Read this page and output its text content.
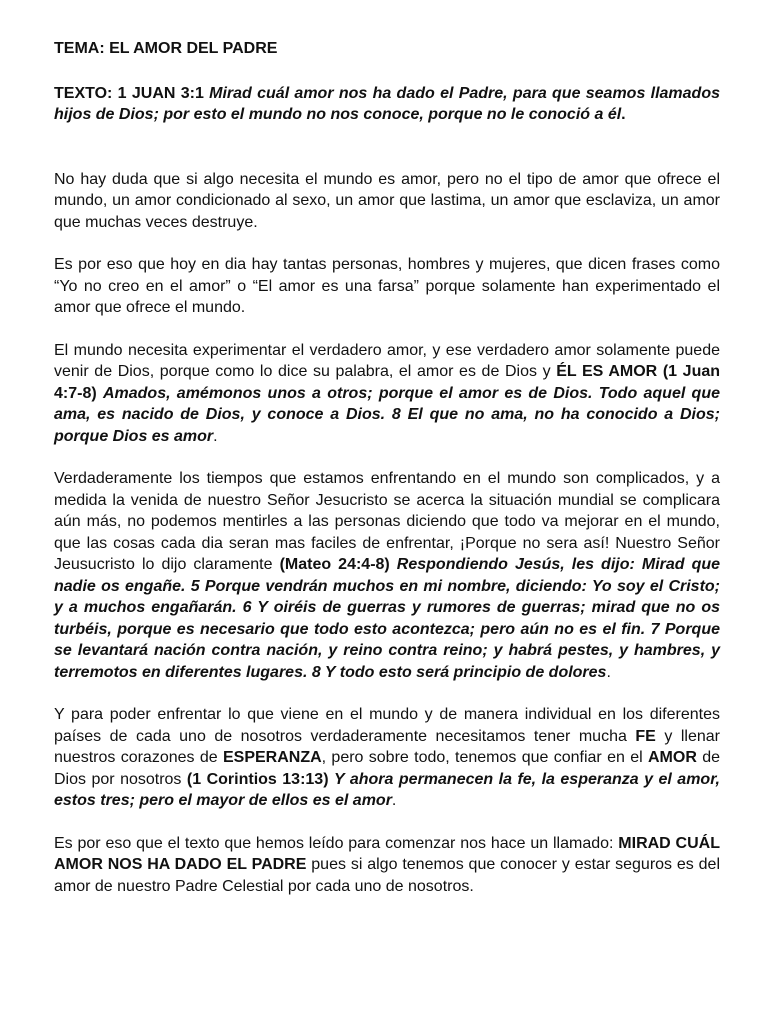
TEMA: EL AMOR DEL PADRE

TEXTO: 1 JUAN 3:1 Mirad cuál amor nos ha dado el Padre, para que seamos llamados hijos de Dios; por esto el mundo no nos conoce, porque no le conoció a él.

No hay duda que si algo necesita el mundo es amor, pero no el tipo de amor que ofrece el mundo, un amor condicionado al sexo, un amor que lastima, un amor que esclaviza, un amor que muchas veces destruye.

Es por eso que hoy en dia hay tantas personas, hombres y mujeres, que dicen frases como “Yo no creo en el amor” o “El amor es una farsa” porque solamente han experimentado el amor que ofrece el mundo.

El mundo necesita experimentar el verdadero amor, y ese verdadero amor solamente puede venir de Dios, porque como lo dice su palabra, el amor es de Dios y ÉL ES AMOR (1 Juan 4:7-8) Amados, amémonos unos a otros; porque el amor es de Dios. Todo aquel que ama, es nacido de Dios, y conoce a Dios. 8 El que no ama, no ha conocido a Dios; porque Dios es amor.

Verdaderamente los tiempos que estamos enfrentando en el mundo son complicados, y a medida la venida de nuestro Señor Jesucristo se acerca la situación mundial se complicara aún más, no podemos mentirles a las personas diciendo que todo va mejorar en el mundo, que las cosas cada dia seran mas faciles de enfrentar, ¡Porque no sera así! Nuestro Señor Jeusucristo lo dijo claramente (Mateo 24:4-8) Respondiendo Jesús, les dijo: Mirad que nadie os engañe. 5 Porque vendrán muchos en mi nombre, diciendo: Yo soy el Cristo; y a muchos engañarán. 6 Y oiréis de guerras y rumores de guerras; mirad que no os turbéis, porque es necesario que todo esto acontezca; pero aún no es el fin. 7 Porque se levantará nación contra nación, y reino contra reino; y habrá pestes, y hambres, y terremotos en diferentes lugares. 8 Y todo esto será principio de dolores.

Y para poder enfrentar lo que viene en el mundo y de manera individual en los diferentes países de cada uno de nosotros verdaderamente necesitamos tener mucha FE y llenar nuestros corazones de ESPERANZA, pero sobre todo, tenemos que confiar en el AMOR de Dios por nosotros (1 Corintios 13:13) Y ahora permanecen la fe, la esperanza y el amor, estos tres; pero el mayor de ellos es el amor.

Es por eso que el texto que hemos leído para comenzar nos hace un llamado: MIRAD CUÁL AMOR NOS HA DADO EL PADRE pues si algo tenemos que conocer y estar seguros es del amor de nuestro Padre Celestial por cada uno de nosotros.
